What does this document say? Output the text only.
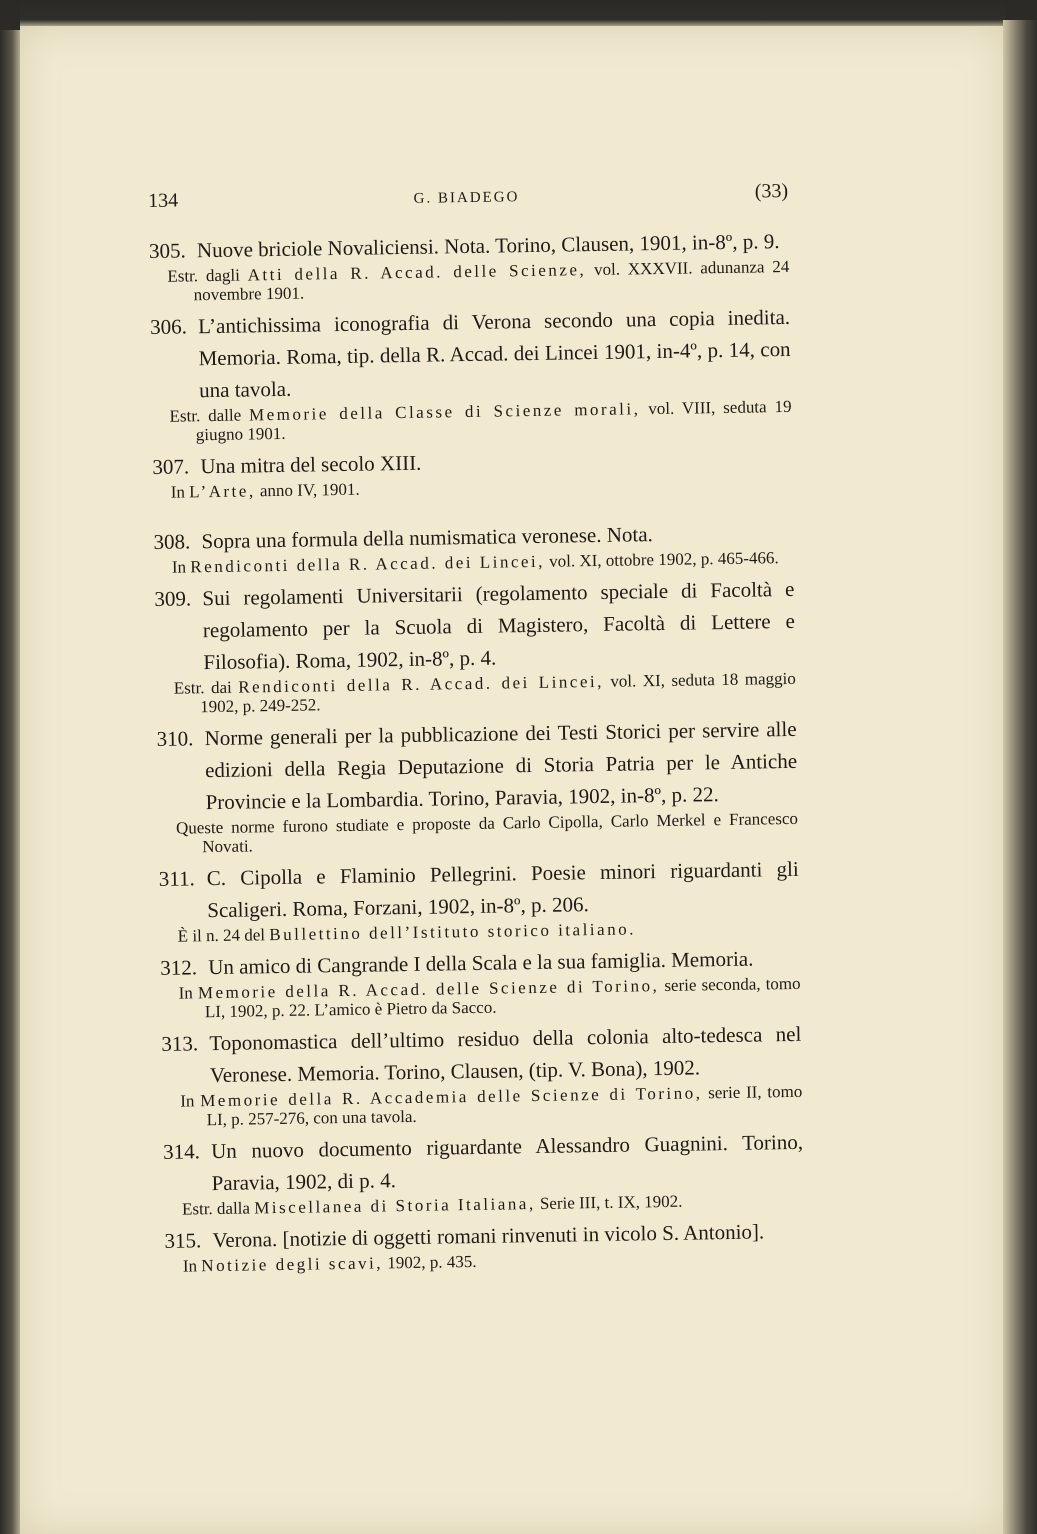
134	G. BIADEGO	(33)
305. Nuove briciole Novaliciensi. Nota. Torino, Clausen, 1901, in-8º, p. 9.
Estr. dagli Atti della R. Accad. delle Scienze, vol. XXXVII. adunanza 24 novembre 1901.
306. L’antichissima iconografia di Verona secondo una copia inedita. Memoria. Roma, tip. della R. Accad. dei Lincei 1901, in-4º, p. 14, con una tavola.
Estr. dalle Memorie della Classe di Scienze morali, vol. VIII, seduta 19 giugno 1901.
307. Una mitra del secolo XIII.
In L’Arte, anno IV, 1901.
308. Sopra una formula della numismatica veronese. Nota.
In Rendiconti della R. Accad. dei Lincei, vol. XI, ottobre 1902, p. 465-466.
309. Sui regolamenti Universitarii (regolamento speciale di Facoltà e regolamento per la Scuola di Magistero, Facoltà di Lettere e Filosofia). Roma, 1902, in-8º, p. 4.
Estr. dai Rendiconti della R. Accad. dei Lincei, vol. XI, seduta 18 maggio 1902, p. 249-252.
310. Norme generali per la pubblicazione dei Testi Storici per servire alle edizioni della Regia Deputazione di Storia Patria per le Antiche Provincie e la Lombardia. Torino, Paravia, 1902, in-8º, p. 22.
Queste norme furono studiate e proposte da Carlo Cipolla, Carlo Merkel e Francesco Novati.
311. C. Cipolla e Flaminio Pellegrini. Poesie minori riguardanti gli Scaligeri. Roma, Forzani, 1902, in-8º, p. 206.
È il n. 24 del Bullettino dell’Istituto storico italiano.
312. Un amico di Cangrande I della Scala e la sua famiglia. Memoria.
In Memorie della R. Accad. delle Scienze di Torino, serie seconda, tomo LI, 1902, p. 22. L’amico è Pietro da Sacco.
313. Toponomastica dell’ultimo residuo della colonia alto-tedesca nel Veronese. Memoria. Torino, Clausen, (tip. V. Bona), 1902.
In Memorie della R. Accademia delle Scienze di Torino, serie II, tomo LI, p. 257-276, con una tavola.
314. Un nuovo documento riguardante Alessandro Guagnini. Torino, Paravia, 1902, di p. 4.
Estr. dalla Miscellanea di Storia Italiana, Serie III, t. IX, 1902.
315. Verona. [notizie di oggetti romani rinvenuti in vicolo S. Antonio].
In Notizie degli scavi, 1902, p. 435.
